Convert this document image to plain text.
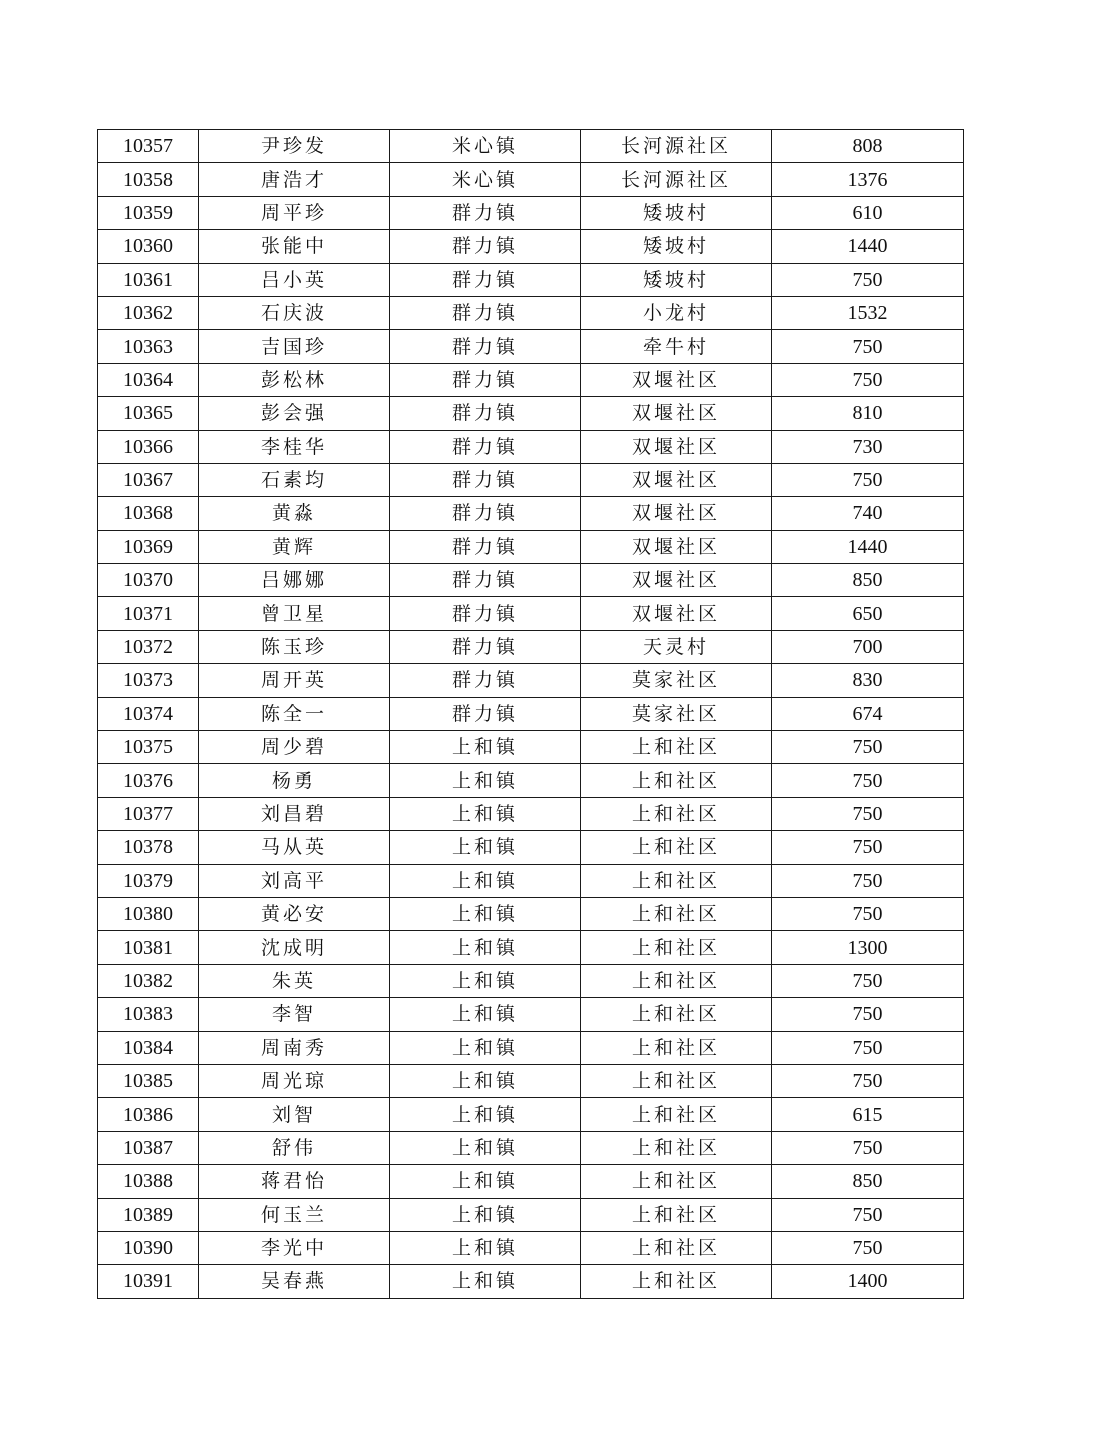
10357	尹珍发	米心镇	长河源社区	808
10358	唐浩才	米心镇	长河源社区	1376
10359	周平珍	群力镇	矮坡村	610
10360	张能中	群力镇	矮坡村	1440
10361	吕小英	群力镇	矮坡村	750
10362	石庆波	群力镇	小龙村	1532
10363	吉国珍	群力镇	牵牛村	750
10364	彭松林	群力镇	双堰社区	750
10365	彭会强	群力镇	双堰社区	810
10366	李桂华	群力镇	双堰社区	730
10367	石素均	群力镇	双堰社区	750
10368	黄淼	群力镇	双堰社区	740
10369	黄辉	群力镇	双堰社区	1440
10370	吕娜娜	群力镇	双堰社区	850
10371	曾卫星	群力镇	双堰社区	650
10372	陈玉珍	群力镇	天灵村	700
10373	周开英	群力镇	莫家社区	830
10374	陈全一	群力镇	莫家社区	674
10375	周少碧	上和镇	上和社区	750
10376	杨勇	上和镇	上和社区	750
10377	刘昌碧	上和镇	上和社区	750
10378	马从英	上和镇	上和社区	750
10379	刘高平	上和镇	上和社区	750
10380	黄必安	上和镇	上和社区	750
10381	沈成明	上和镇	上和社区	1300
10382	朱英	上和镇	上和社区	750
10383	李智	上和镇	上和社区	750
10384	周南秀	上和镇	上和社区	750
10385	周光琼	上和镇	上和社区	750
10386	刘智	上和镇	上和社区	615
10387	舒伟	上和镇	上和社区	750
10388	蒋君怡	上和镇	上和社区	850
10389	何玉兰	上和镇	上和社区	750
10390	李光中	上和镇	上和社区	750
10391	吴春燕	上和镇	上和社区	1400
